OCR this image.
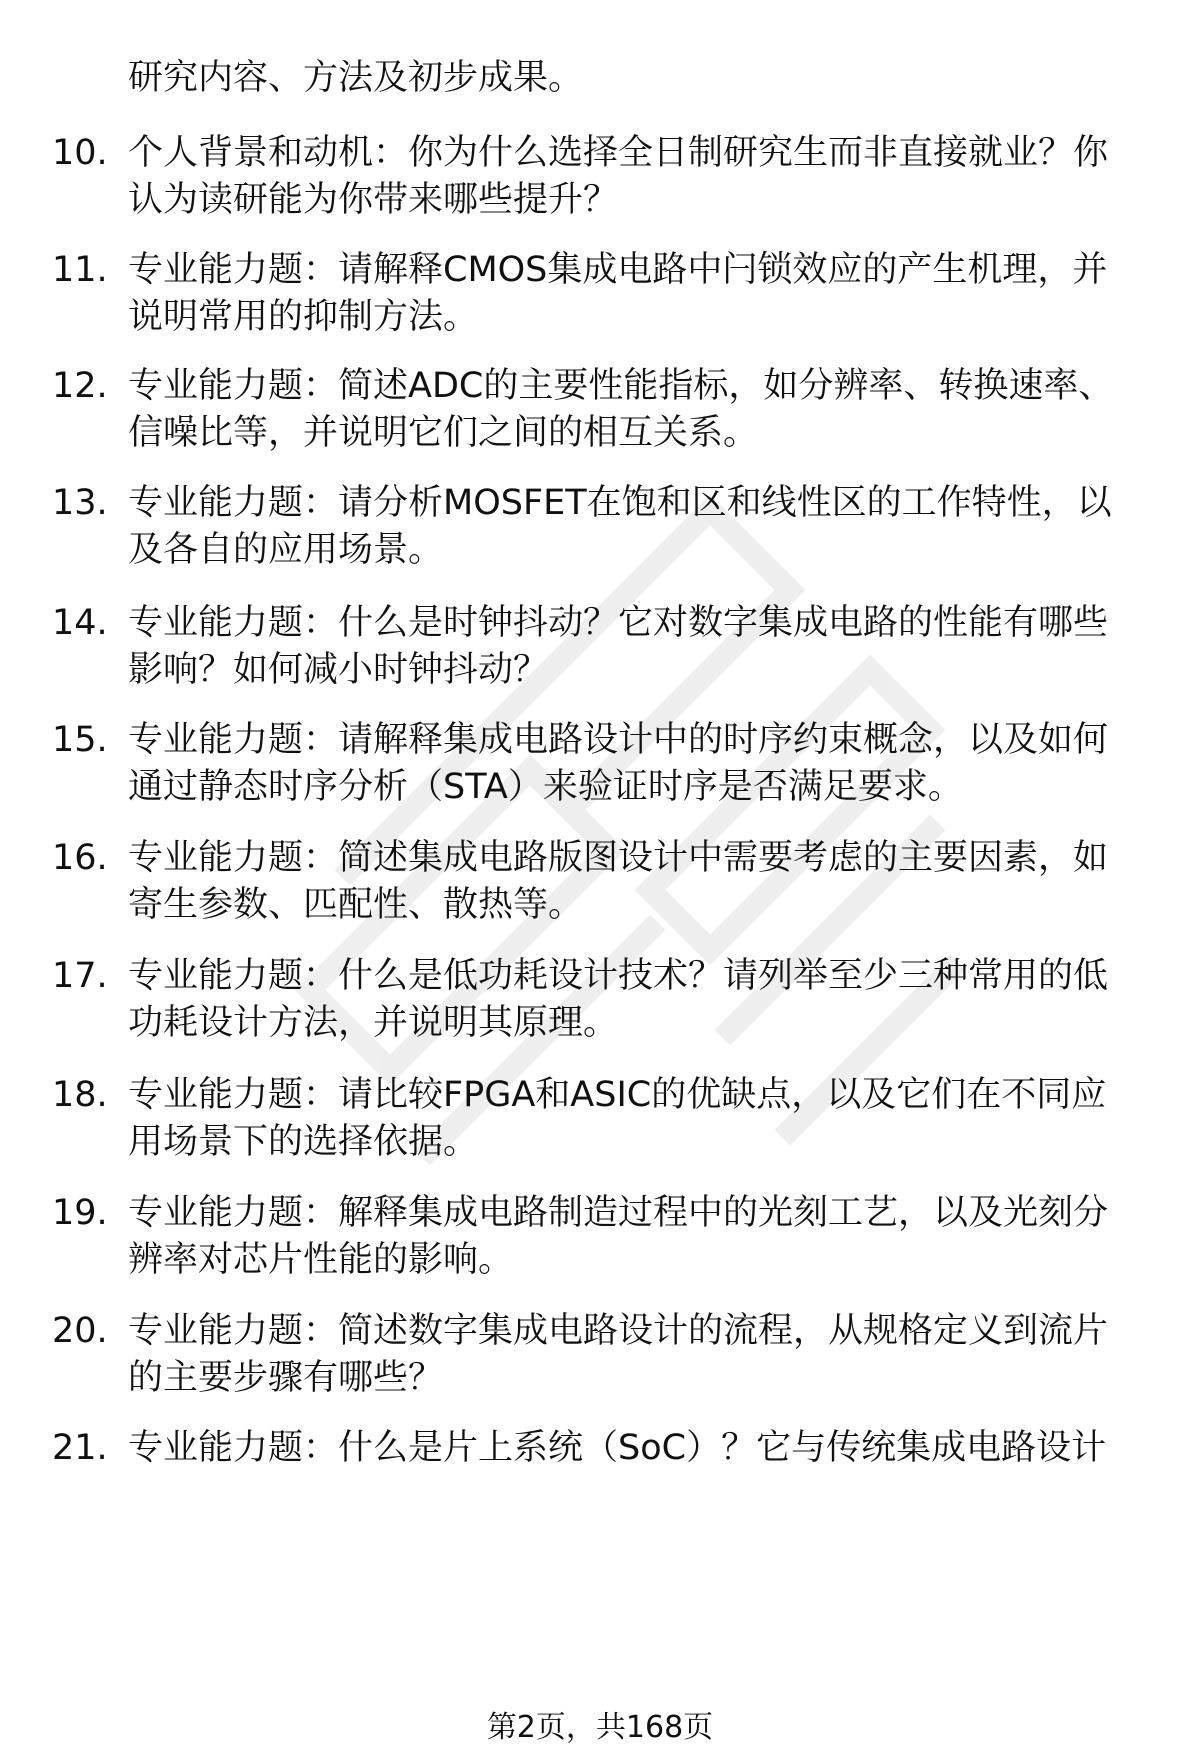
研究内容、方法及初步成果。
10. 个人背景和动机：你为什么选择全日制研究生而非直接就业？你
认为读研能为你带来哪些提升？
11. 专业能力题：请解释CMOS集成电路中闩锁效应的产生机理，并
说明常用的抑制方法。
12. 专业能力题：简述ADC的主要性能指标，如分辨率、转换速率、
信噪比等，并说明它们之间的相互关系。
13. 专业能力题：请分析MOSFET在饱和区和线性区的工作特性，以
及各自的应用场景。
14. 专业能力题：什么是时钟抖动？它对数字集成电路的性能有哪些
影响？如何减小时钟抖动？
15. 专业能力题：请解释集成电路设计中的时序约束概念，以及如何
通过静态时序分析（STA）来验证时序是否满足要求。
16. 专业能力题：简述集成电路版图设计中需要考虑的主要因素，如
寄生参数、匹配性、散热等。
17. 专业能力题：什么是低功耗设计技术？请列举至少三种常用的低
功耗设计方法，并说明其原理。
18. 专业能力题：请比较FPGA和ASIC的优缺点，以及它们在不同应
用场景下的选择依据。
19. 专业能力题：解释集成电路制造过程中的光刻工艺，以及光刻分
辨率对芯片性能的影响。
20. 专业能力题：简述数字集成电路设计的流程，从规格定义到流片
的主要步骤有哪些？
21. 专业能力题：什么是片上系统（SoC）？它与传统集成电路设计
第2页，共168页
